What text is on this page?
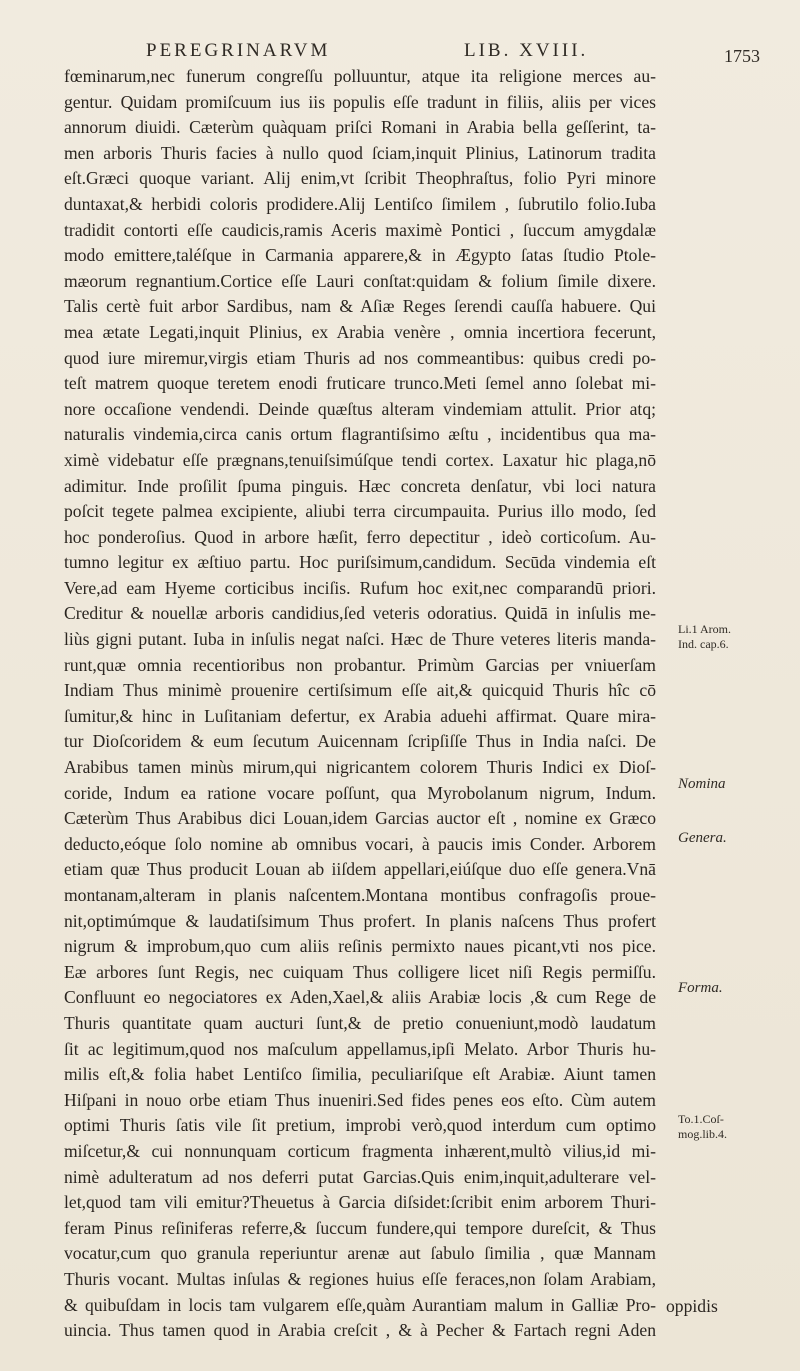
PEREGRINARVM	LIB. XVIII.	1753
fœminarum,nec funerum congreſſu polluuntur, atque ita religione merces au-
gentur. Quidam promiſcuum ius iis populis eſſe tradunt in filiis, aliis per vices
annorum diuidi. Cæterùm quàquam priſci Romani in Arabia bella geſſerint, ta-
men arboris Thuris facies à nullo quod ſciam,inquit Plinius, Latinorum tradita
eſt.Græci quoque variant. Alij enim,vt ſcribit Theophraſtus, folio Pyri minore
duntaxat,& herbidi coloris prodidere.Alij Lentiſco ſimilem , ſubrutilo folio.Iuba
tradidit contorti eſſe caudicis,ramis Aceris maximè Pontici , ſuccum amygdalæ
modo emittere,taléſque in Carmania apparere,& in Ægypto ſatas ſtudio Ptole-
mæorum regnantium.Cortice eſſe Lauri conſtat:quidam & folium ſimile dixere.
Talis certè fuit arbor Sardibus, nam & Aſiæ Reges ſerendi cauſſa habuere. Qui
mea ætate Legati,inquit Plinius, ex Arabia venère , omnia incertiora fecerunt,
quod iure miremur,virgis etiam Thuris ad nos commeantibus: quibus credi po-
teſt matrem quoque teretem enodi fruticare trunco.Meti ſemel anno ſolebat mi-
nore occaſione vendendi. Deinde quæſtus alteram vindemiam attulit. Prior atq;
naturalis vindemia,circa canis ortum flagrantiſsimo æſtu , incidentibus qua ma-
ximè videbatur eſſe prægnans,tenuiſsimúſque tendi cortex. Laxatur hic plaga,nō
adimitur. Inde proſilit ſpuma pinguis. Hæc concreta denſatur, vbi loci natura
poſcit tegete palmea excipiente, aliubi terra circumpauita. Purius illo modo, ſed
hoc ponderoſius. Quod in arbore hæſit, ferro depectitur , ideò corticoſum. Au-
tumno legitur ex æſtiuo partu. Hoc puriſsimum,candidum. Secūda vindemia eſt
Vere,ad eam Hyeme corticibus inciſis. Rufum hoc exit,nec comparandū priori.
Creditur & nouellæ arboris candidius,ſed veteris odoratius. Quidā in inſulis me-
liùs gigni putant. Iuba in inſulis negat naſci. Hæc de Thure veteres literis manda-
runt,quæ omnia recentioribus non probantur. Primùm Garcias per vniuerſam
Indiam Thus minimè prouenire certiſsimum eſſe ait,& quicquid Thuris hîc cō
ſumitur,& hinc in Luſitaniam defertur, ex Arabia aduehi affirmat. Quare mira-
tur Dioſcoridem & eum ſecutum Auicennam ſcripſiſſe Thus in India naſci. De
Arabibus tamen minùs mirum,qui nigricantem colorem Thuris Indici ex Dioſ-
coride, Indum ea ratione vocare poſſunt, qua Myrobolanum nigrum, Indum.
Cæterùm Thus Arabibus dici Louan,idem Garcias auctor eſt , nomine ex Græco
deducto,eóque ſolo nomine ab omnibus vocari, à paucis imis Conder. Arborem
etiam quæ Thus producit Louan ab iiſdem appellari,eiúſque duo eſſe genera.Vnā
montanam,alteram in planis naſcentem.Montana montibus confragoſis proue-
nit,optimúmque & laudatiſsimum Thus profert. In planis naſcens Thus profert
nigrum & improbum,quo cum aliis reſinis permixto naues picant,vti nos pice.
Eæ arbores ſunt Regis, nec cuiquam Thus colligere licet niſi Regis permiſſu.
Confluunt eo negociatores ex Aden,Xael,& aliis Arabiæ locis ,& cum Rege de
Thuris quantitate quam aucturi ſunt,& de pretio conueniunt,modò laudatum
ſit ac legitimum,quod nos maſculum appellamus,ipſi Melato. Arbor Thuris hu-
milis eſt,& folia habet Lentiſco ſimilia, peculiariſque eſt Arabiæ. Aiunt tamen
Hiſpani in nouo orbe etiam Thus inueniri.Sed fides penes eos eſto. Cùm autem
optimi Thuris ſatis vile ſit pretium, improbi verò,quod interdum cum optimo
miſcetur,& cui nonnunquam corticum fragmenta inhærent,multò vilius,id mi-
nimè adulteratum ad nos deferri putat Garcias.Quis enim,inquit,adulterare vel-
let,quod tam vili emitur?Theuetus à Garcia diſsidet:ſcribit enim arborem Thuri-
feram Pinus reſiniferas referre,& ſuccum fundere,qui tempore dureſcit, & Thus
vocatur,cum quo granula reperiuntur arenæ aut ſabulo ſimilia , quæ Mannam
Thuris vocant. Multas inſulas & regiones huius eſſe feraces,non ſolam Arabiam,
& quibuſdam in locis tam vulgarem eſſe,quàm Aurantiam malum in Galliæ Pro-
uincia. Thus tamen quod in Arabia creſcit , & à Pecher & Fartach regni Aden
Li.1 Arom.
Ind. cap.6.
Nomina
Genera.
Forma.
To.1.Coſ-
mog.lib.4.
oppidis
